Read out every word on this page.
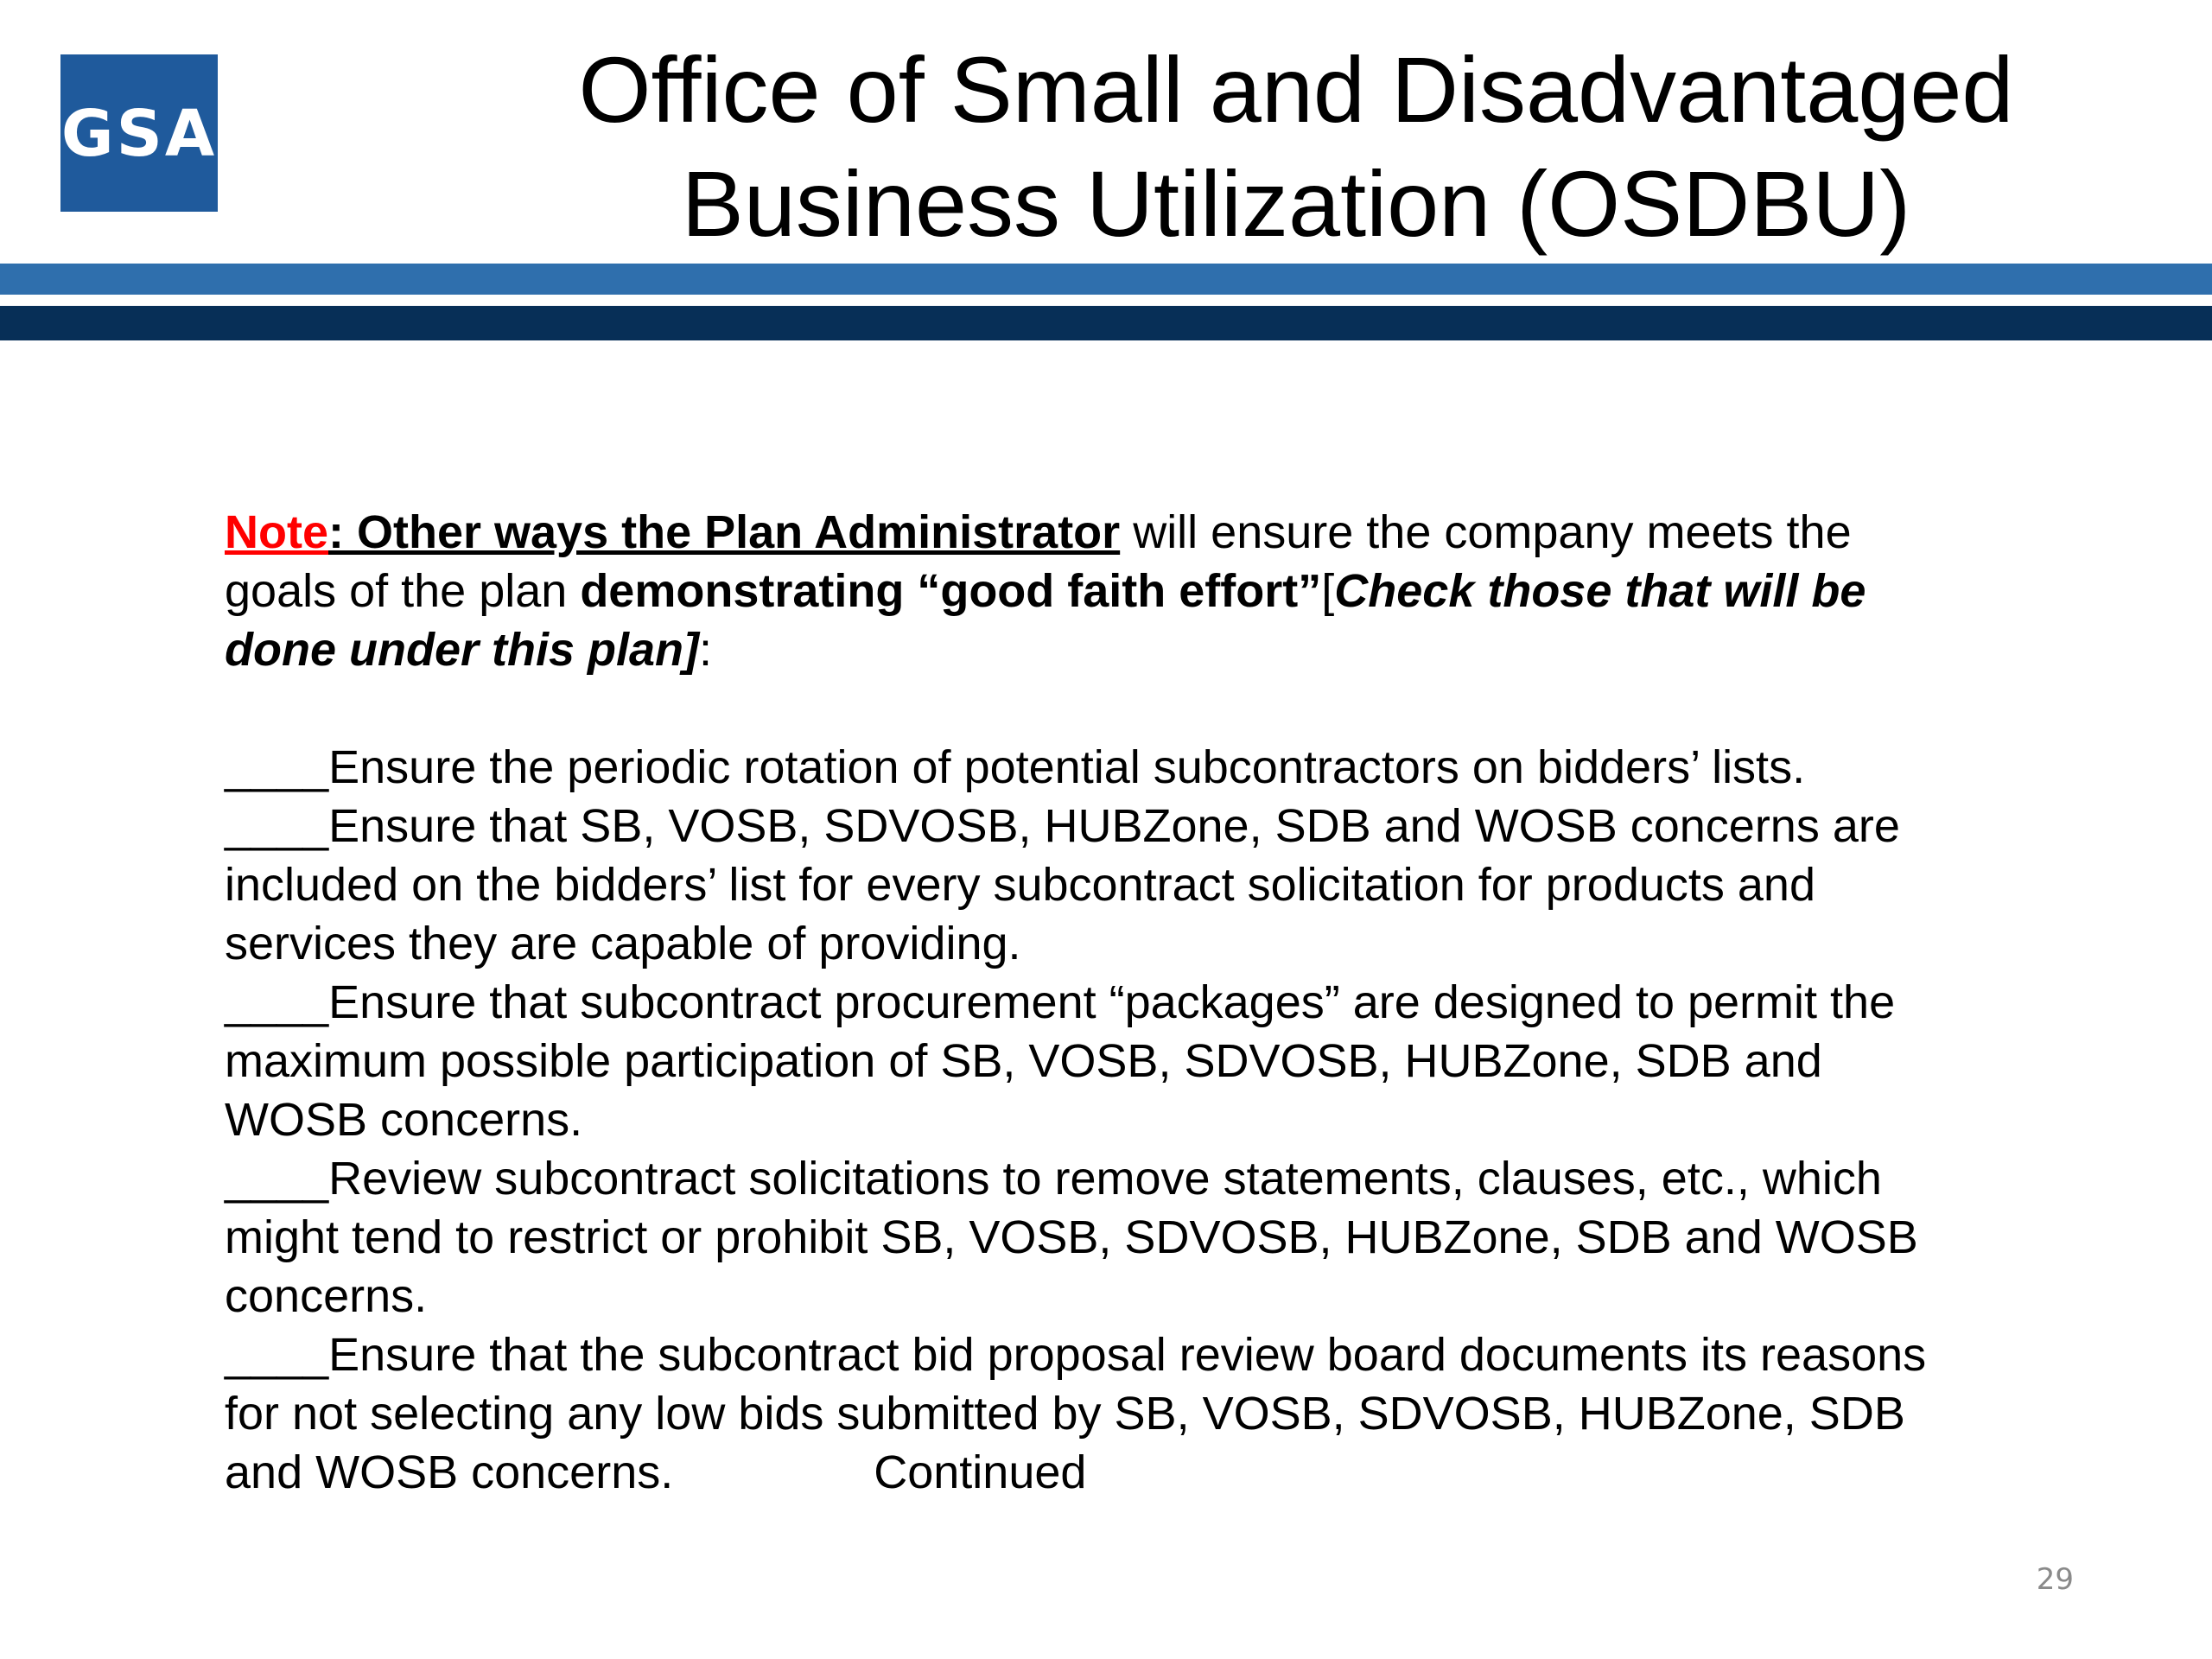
GSA	Office of Small and Disadvantaged
Business Utilization (OSDBU)

Note: Other ways the Plan Administrator will ensure the company meets the goals of the plan demonstrating “good faith effort”[Check those that will be done under this plan]:

____Ensure the periodic rotation of potential subcontractors on bidders’ lists.

____Ensure that SB, VOSB, SDVOSB, HUBZone, SDB and WOSB concerns are included on the bidders’ list for every subcontract solicitation for products and services they are capable of providing.

____Ensure that subcontract procurement “packages” are designed to permit the maximum possible participation of SB, VOSB, SDVOSB, HUBZone, SDB and WOSB concerns.

____Review subcontract solicitations to remove statements, clauses, etc., which might tend to restrict or prohibit SB, VOSB, SDVOSB, HUBZone, SDB and WOSB concerns.

____Ensure that the subcontract bid proposal review board documents its reasons for not selecting any low bids submitted by SB, VOSB, SDVOSB, HUBZone, SDB and WOSB concerns.	Continued

29
